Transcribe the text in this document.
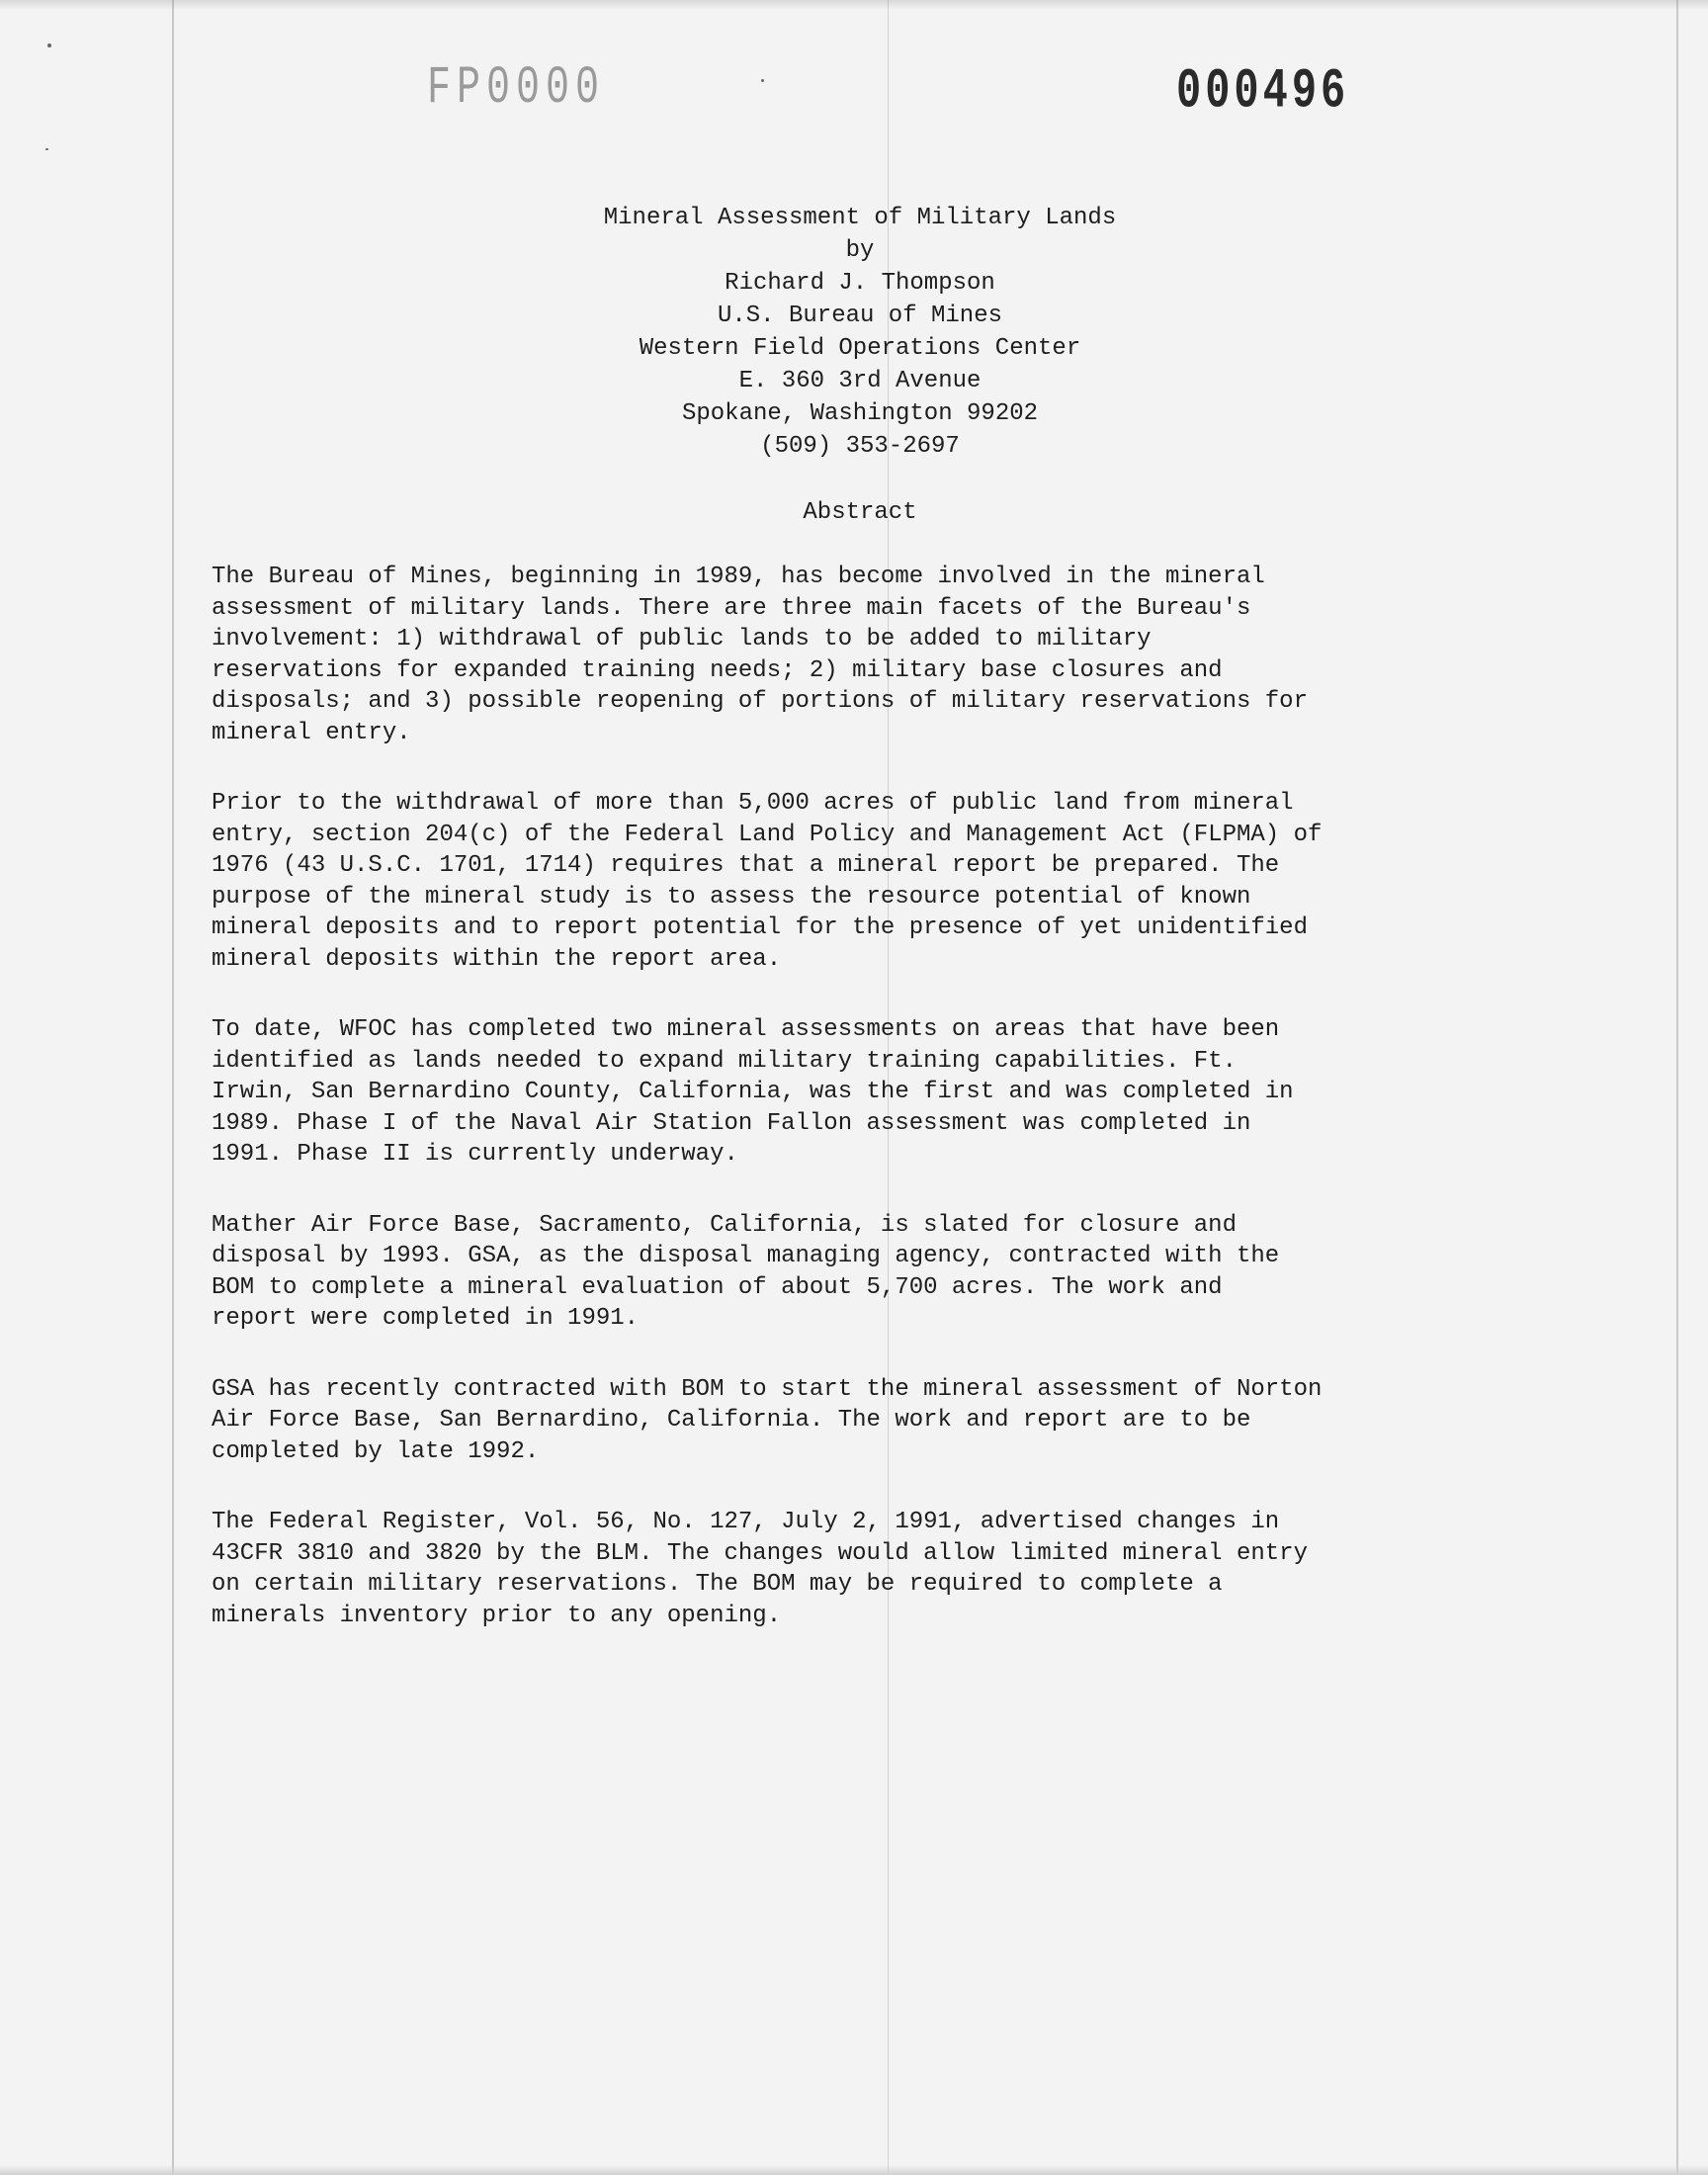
FP0000	000496
Mineral Assessment of Military Lands
by
Richard J. Thompson
U.S. Bureau of Mines
Western Field Operations Center
E. 360 3rd Avenue
Spokane, Washington 99202
(509) 353-2697
Abstract
The Bureau of Mines, beginning in 1989, has become involved in the mineral
assessment of military lands. There are three main facets of the Bureau's
involvement: 1) withdrawal of public lands to be added to military
reservations for expanded training needs; 2) military base closures and
disposals; and 3) possible reopening of portions of military reservations for
mineral entry.
Prior to the withdrawal of more than 5,000 acres of public land from mineral
entry, section 204(c) of the Federal Land Policy and Management Act (FLPMA) of
1976 (43 U.S.C. 1701, 1714) requires that a mineral report be prepared. The
purpose of the mineral study is to assess the resource potential of known
mineral deposits and to report potential for the presence of yet unidentified
mineral deposits within the report area.
To date, WFOC has completed two mineral assessments on areas that have been
identified as lands needed to expand military training capabilities. Ft.
Irwin, San Bernardino County, California, was the first and was completed in
1989. Phase I of the Naval Air Station Fallon assessment was completed in
1991. Phase II is currently underway.
Mather Air Force Base, Sacramento, California, is slated for closure and
disposal by 1993. GSA, as the disposal managing agency, contracted with the
BOM to complete a mineral evaluation of about 5,700 acres. The work and
report were completed in 1991.
GSA has recently contracted with BOM to start the mineral assessment of Norton
Air Force Base, San Bernardino, California. The work and report are to be
completed by late 1992.
The Federal Register, Vol. 56, No. 127, July 2, 1991, advertised changes in
43CFR 3810 and 3820 by the BLM. The changes would allow limited mineral entry
on certain military reservations. The BOM may be required to complete a
minerals inventory prior to any opening.
